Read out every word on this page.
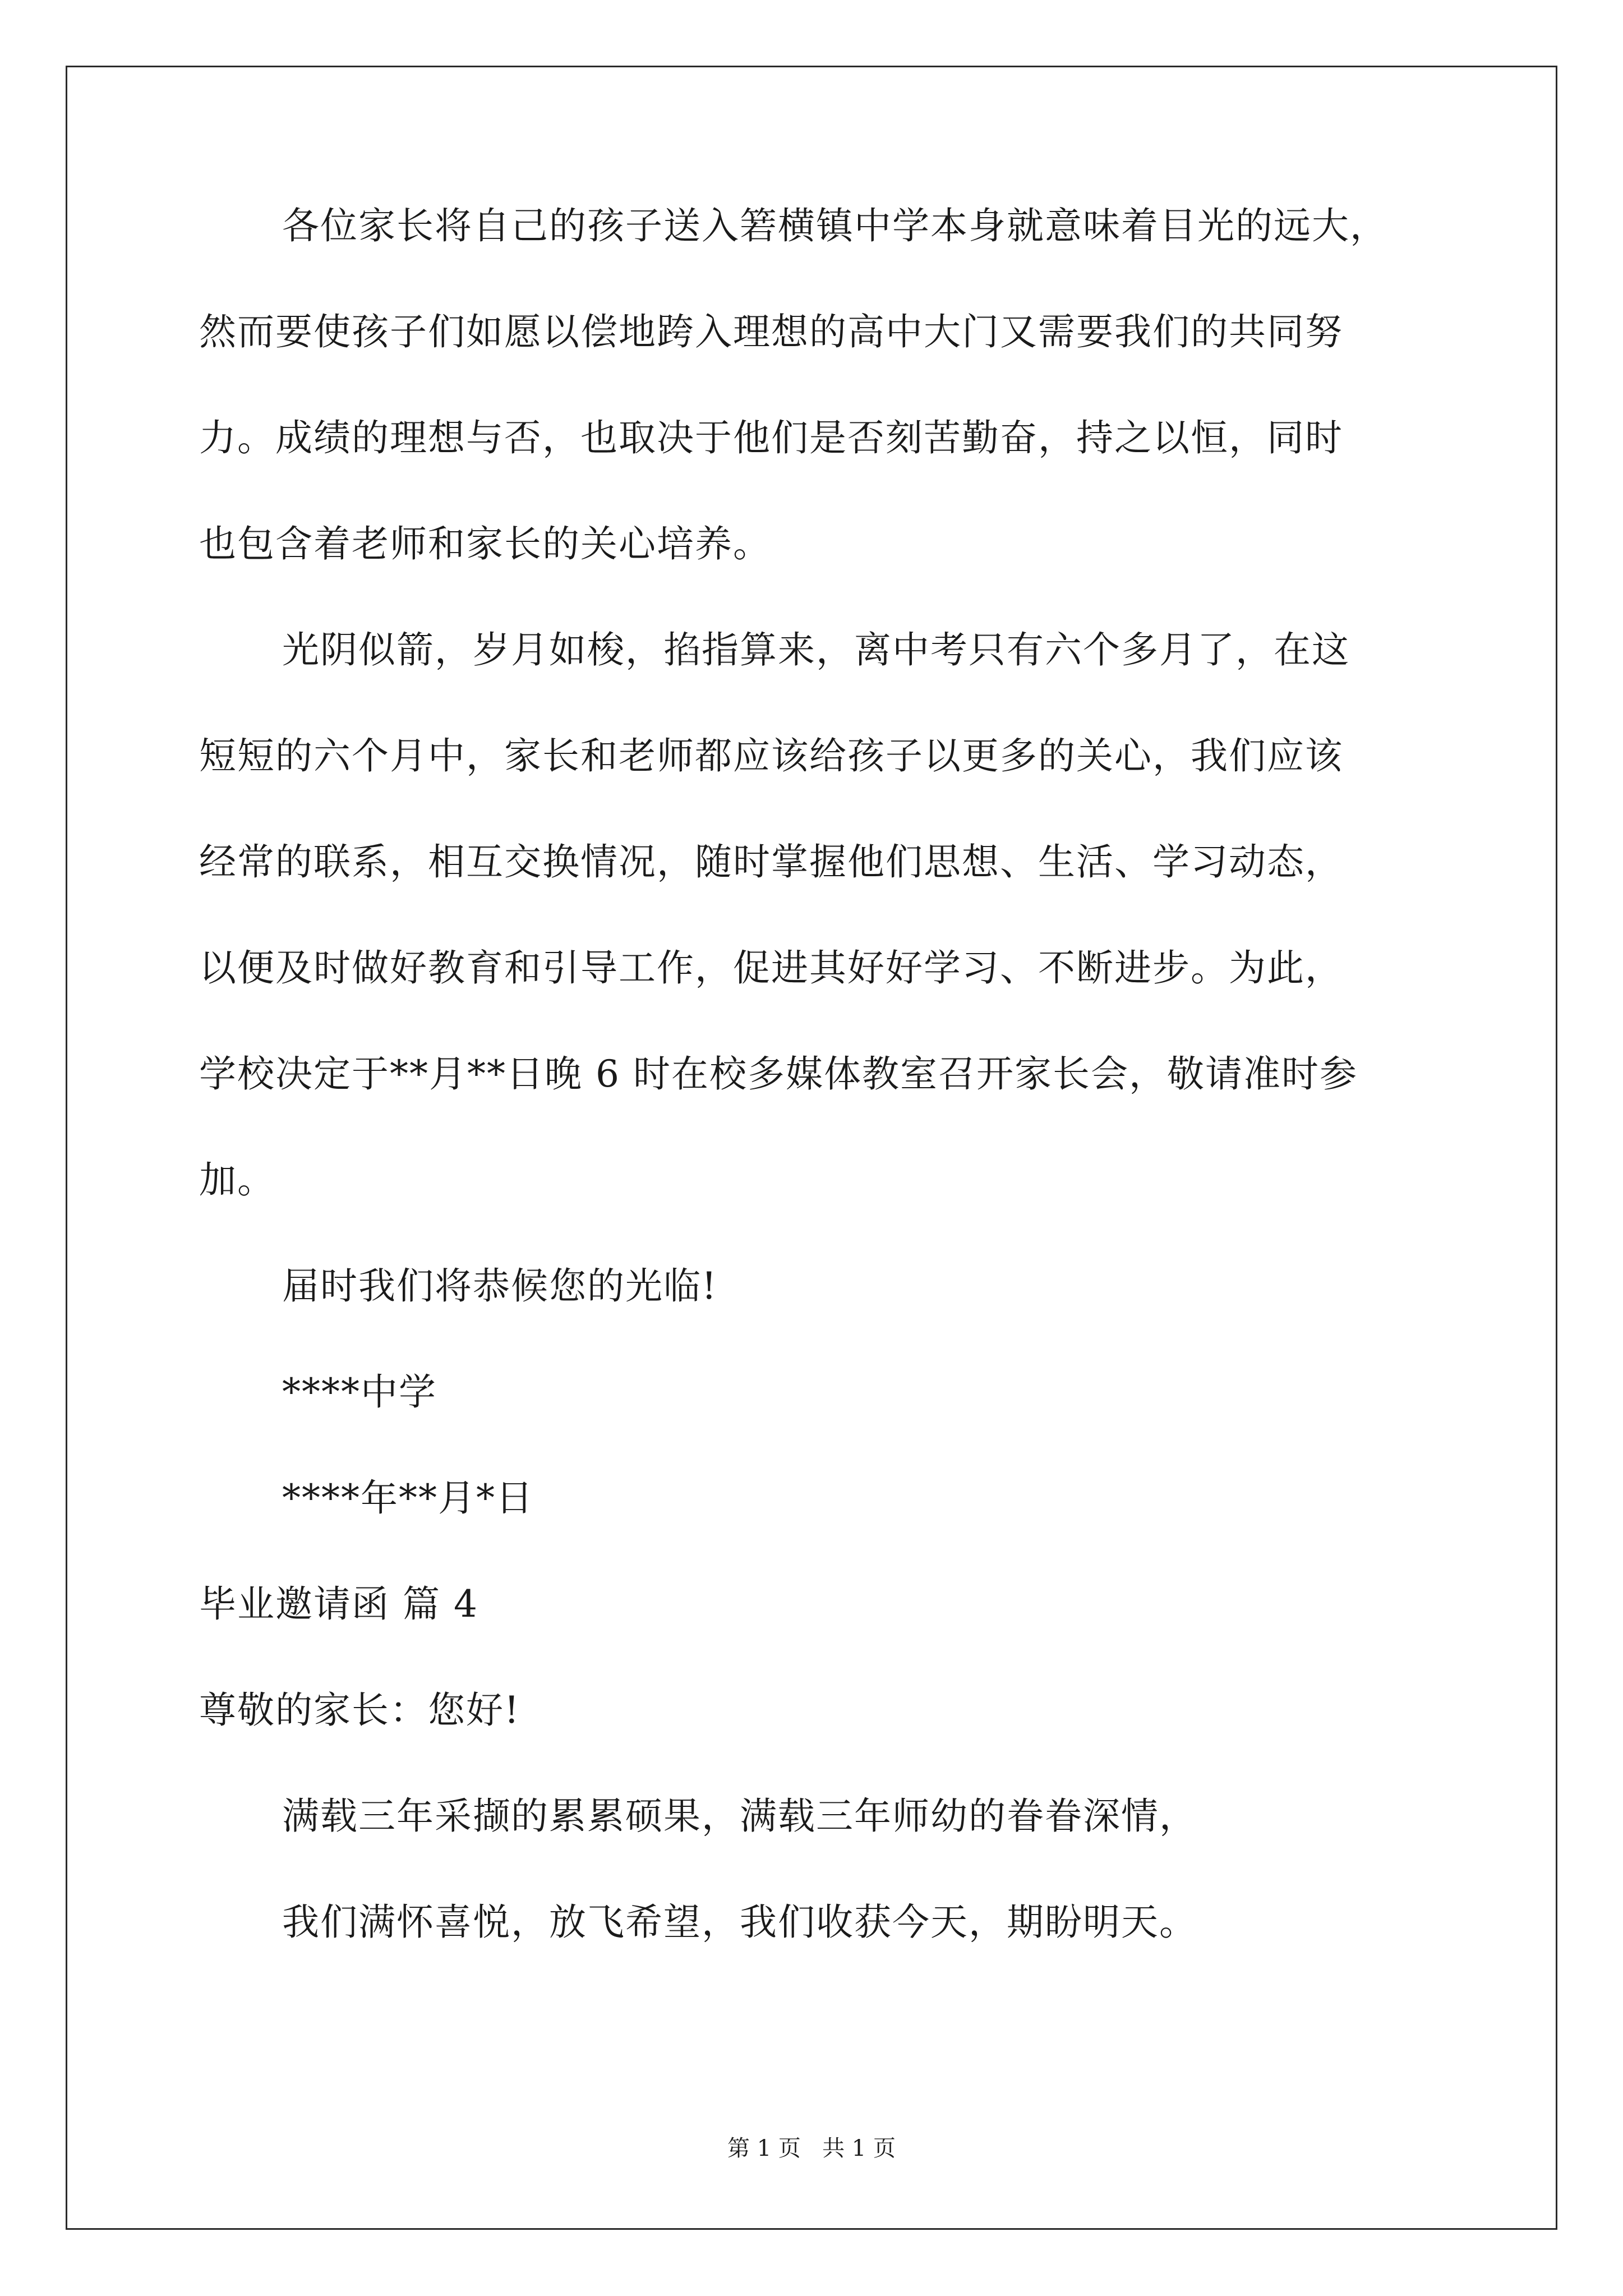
各位家长将自己的孩子送入箬横镇中学本身就意味着目光的远大，
然而要使孩子们如愿以偿地跨入理想的高中大门又需要我们的共同努
力。成绩的理想与否，也取决于他们是否刻苦勤奋，持之以恒，同时
也包含着老师和家长的关心培养。
光阴似箭，岁月如梭，掐指算来，离中考只有六个多月了，在这
短短的六个月中，家长和老师都应该给孩子以更多的关心，我们应该
经常的联系，相互交换情况，随时掌握他们思想、生活、学习动态，
以便及时做好教育和引导工作，促进其好好学习、不断进步。为此，
学校决定于**月**日晚 6 时在校多媒体教室召开家长会，敬请准时参
加。
届时我们将恭候您的光临!
****中学
****年**月*日
毕业邀请函 篇 4
尊敬的家长：您好!
满载三年采撷的累累硕果，满载三年师幼的眷眷深情，
我们满怀喜悦，放飞希望，我们收获今天，期盼明天。
第 1 页   共 1 页
